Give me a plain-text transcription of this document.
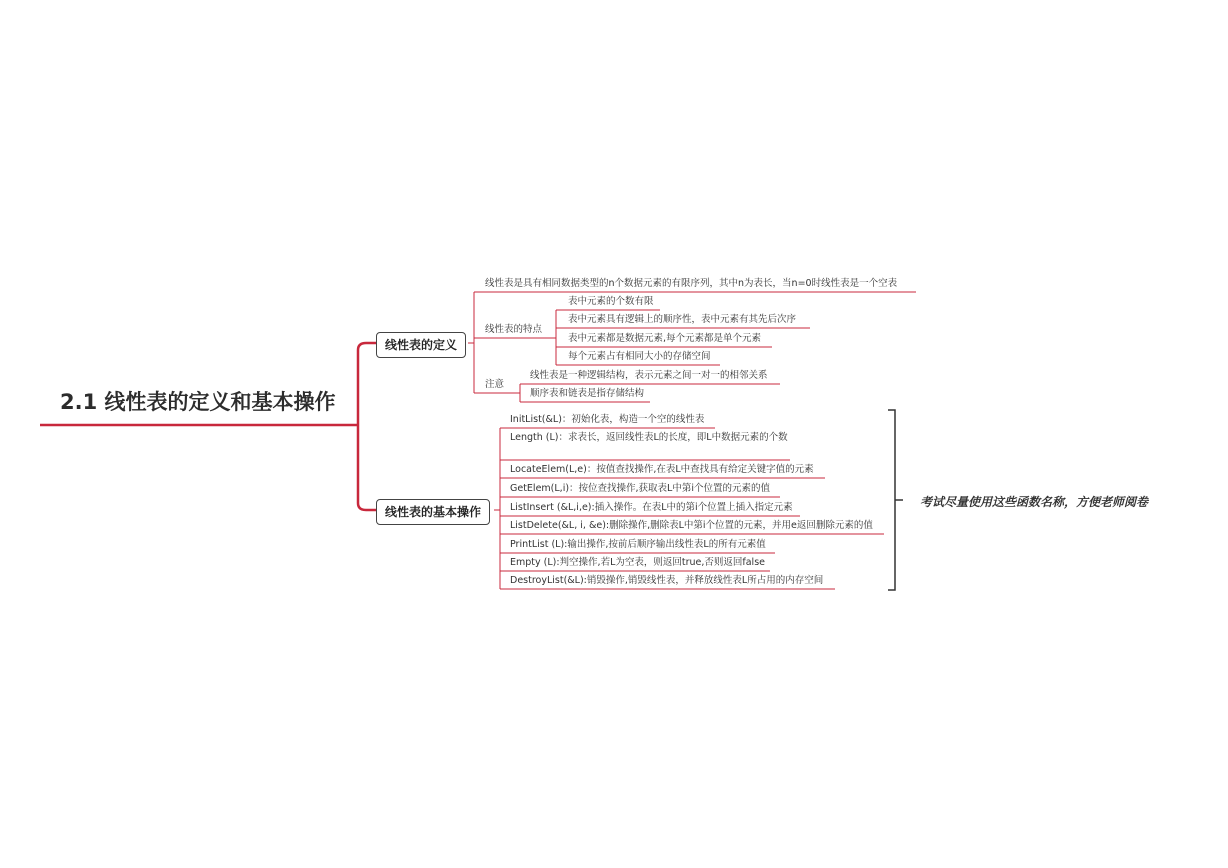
2.1 线性表的定义和基本操作
线性表的定义
线性表是具有相同数据类型的n个数据元素的有限序列，其中n为表长，当n=0时线性表是一个空表
线性表的特点
表中元素的个数有限
表中元素具有逻辑上的顺序性，表中元素有其先后次序
表中元素都是数据元素,每个元素都是单个元素
每个元素占有相同大小的存储空间
注意
线性表是一种逻辑结构，表示元素之间一对一的相邻关系
顺序表和链表是指存储结构
线性表的基本操作
InitList(&L)：初始化表，构造一个空的线性表
Length (L)：求表长，返回线性表L的长度，即L中数据元素的个数
LocateElem(L,e)：按值查找操作,在表L中查找具有给定关键字值的元素
GetElem(L,i)：按位查找操作,获取表L中第i个位置的元素的值
ListInsert (&L,i,e):插入操作。在表L中的第i个位置上插入指定元素
ListDelete(&L, i, &e):删除操作,删除表L中第i个位置的元素，并用e返回删除元素的值
PrintList (L):输出操作,按前后顺序输出线性表L的所有元素值
Empty (L):判空操作,若L为空表，则返回true,否则返回false
DestroyList(&L):销毁操作,销毁线性表，并释放线性表L所占用的内存空间
考试尽量使用这些函数名称，方便老师阅卷
